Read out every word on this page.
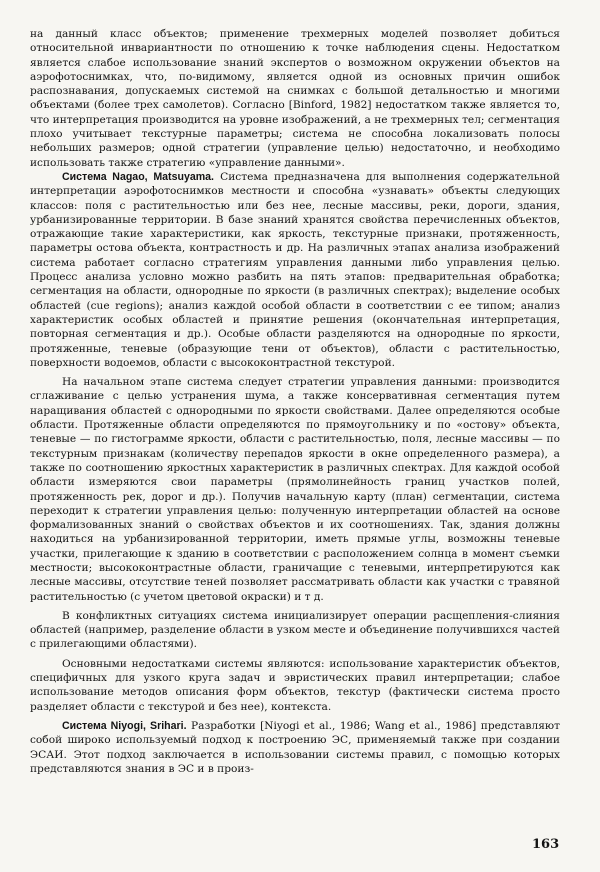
на данный класс объектов; применение трехмерных моделей позволяет добиться относительной инвариантности по отношению к точке наблюдения сцены. Недостатком является слабое использование знаний экспертов о возможном окружении объектов на аэрофотоснимках, что, по-видимому, является одной из основных причин ошибок распознавания, допускаемых системой на снимках с большой детальностью и многими объектами (более трех самолетов). Согласно [Binford, 1982] недостатком также является то, что интерпретация производится на уровне изображений, а не трехмерных тел; сегментация плохо учитывает текстурные параметры; система не способна локализовать полосы небольших размеров; одной стратегии (управление целью) недостаточно, и необходимо использовать также стратегию «управление данными».

Система Nagao, Matsuyama. Система предназначена для выполнения содержательной интерпретации аэрофотоснимков местности и способна «узнавать» объекты следующих классов: поля с растительностью или без нее, лесные массивы, реки, дороги, здания, урбанизированные территории. В базе знаний хранятся свойства перечисленных объектов, отражающие такие характеристики, как яркость, текстурные признаки, протяженность, параметры остова объекта, контрастность и др. На различных этапах анализа изображений система работает согласно стратегиям управления данными либо управления целью. Процесс анализа условно можно разбить на пять этапов: предварительная обработка; сегментация на области, однородные по яркости (в различных спектрах); выделение особых областей (cue regions); анализ каждой особой области в соответствии с ее типом; анализ характеристик особых областей и принятие решения (окончательная интерпретация, повторная сегментация и др.). Особые области разделяются на однородные по яркости, протяженные, теневые (образующие тени от объектов), области с растительностью, поверхности водоемов, области с высококонтрастной текстурой.

На начальном этапе система следует стратегии управления данными: производится сглаживание с целью устранения шума, а также консервативная сегментация путем наращивания областей с однородными по яркости свойствами. Далее определяются особые области. Протяженные области определяются по прямоугольнику и по «остову» объекта, теневые — по гистограмме яркости, области с растительностью, поля, лесные массивы — по текстурным признакам (количеству перепадов яркости в окне определенного размера), а также по соотношению яркостных характеристик в различных спектрах. Для каждой особой области измеряются свои параметры (прямолинейность границ участков полей, протяженность рек, дорог и др.). Получив начальную карту (план) сегментации, система переходит к стратегии управления целью: полученную интерпретации областей на основе формализованных знаний о свойствах объектов и их соотношениях. Так, здания должны находиться на урбанизированной территории, иметь прямые углы, возможны теневые участки, прилегающие к зданию в соответствии с расположением солнца в момент съемки местности; высококонтрастные области, граничащие с теневыми, интерпретируются как лесные массивы, отсутствие теней позволяет рассматривать области как участки с травяной растительностью (с учетом цветовой окраски) и т д.

В конфликтных ситуациях система инициализирует операции расщепления-слияния областей (например, разделение области в узком месте и объединение получившихся частей с прилегающими областями).

Основными недостатками системы являются: использование характеристик объектов, специфичных для узкого круга задач и эвристических правил интерпретации; слабое использование методов описания форм объектов, текстур (фактически система просто разделяет области с текстурой и без нее), контекста.

Система Niyogi, Srihari. Разработки [Niyogi et al., 1986; Wang et al., 1986] представляют собой широко используемый подход к построению ЭС, применяемый также при создании ЭСАИ. Этот подход заключается в использовании системы правил, с помощью которых представляются знания в ЭС и в произ-

163
